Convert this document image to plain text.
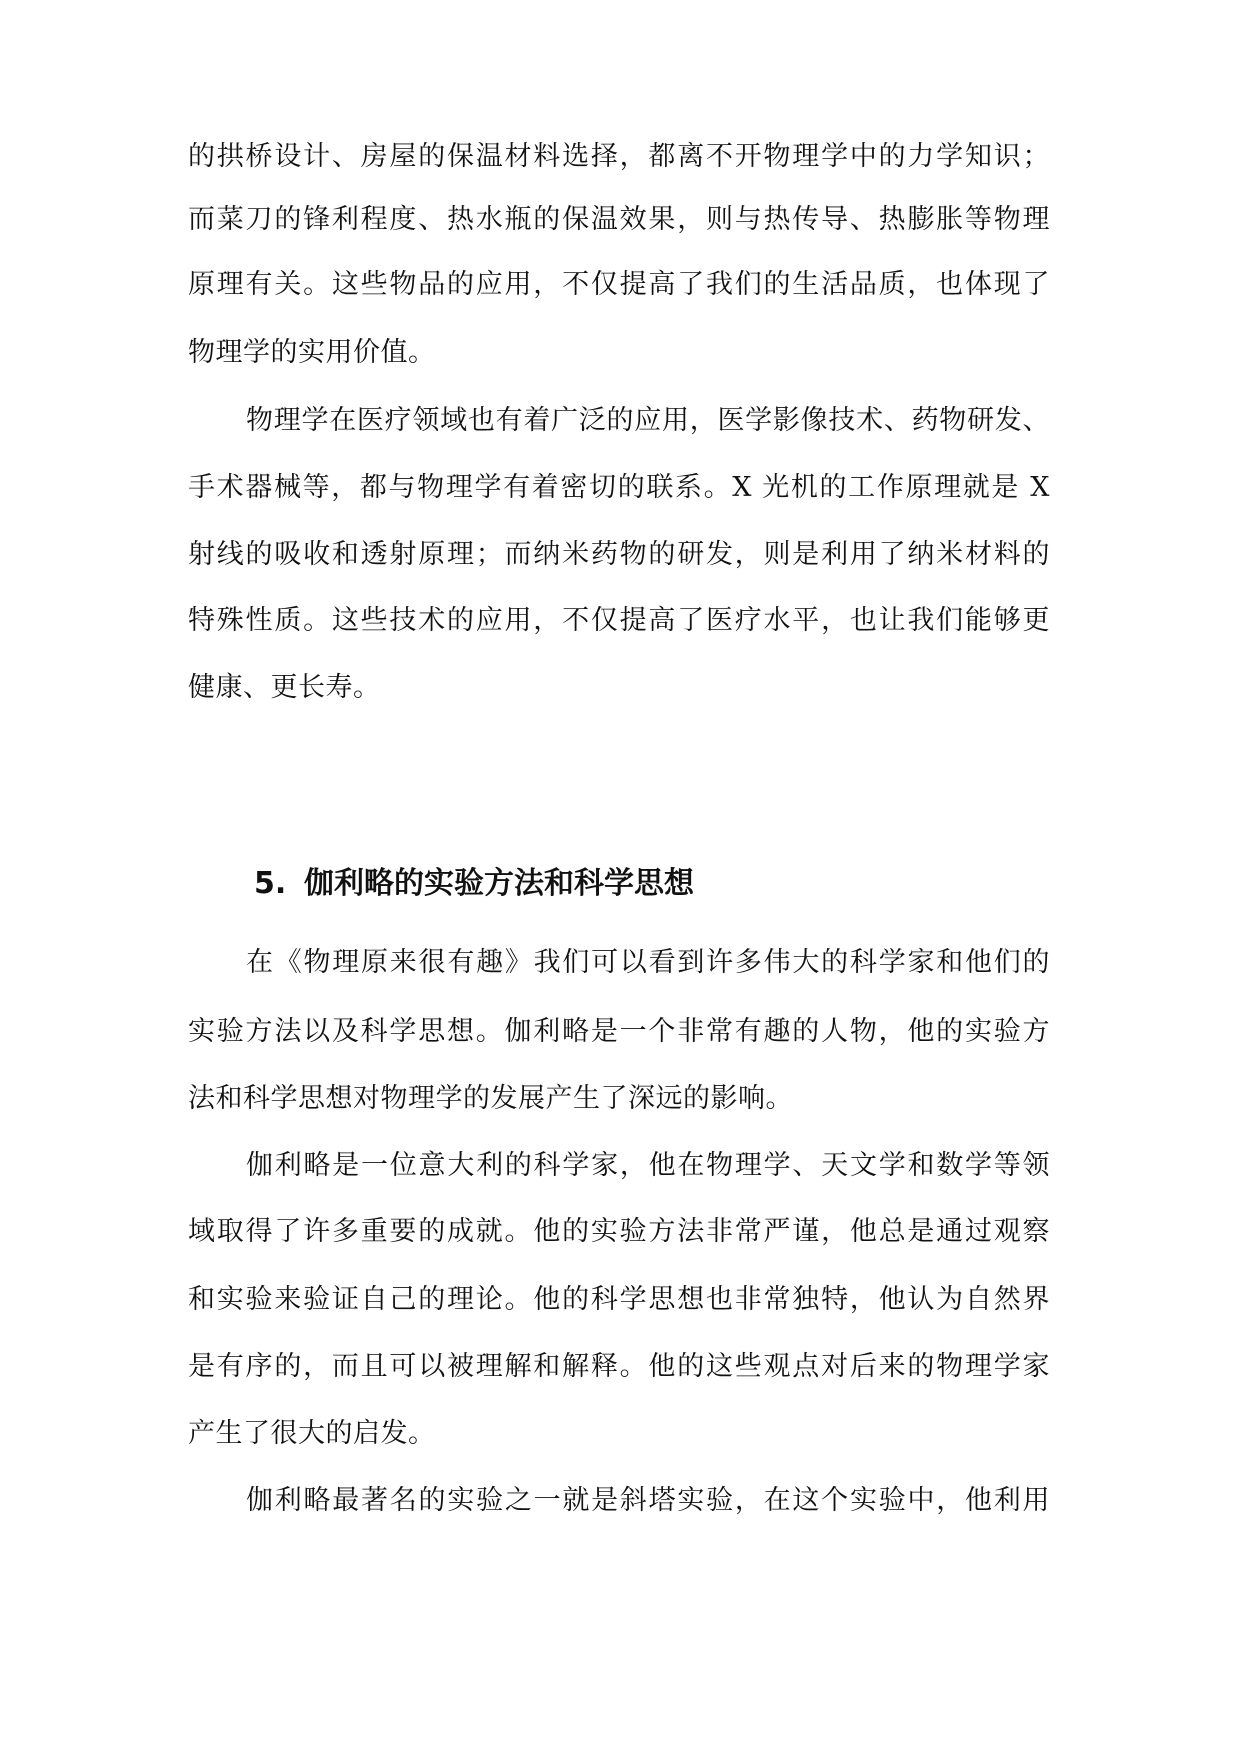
的拱桥设计、房屋的保温材料选择，都离不开物理学中的力学知识；
而菜刀的锋利程度、热水瓶的保温效果，则与热传导、热膨胀等物理
原理有关。这些物品的应用，不仅提高了我们的生活品质，也体现了
物理学的实用价值。
物理学在医疗领域也有着广泛的应用，医学影像技术、药物研发、
手术器械等，都与物理学有着密切的联系。X 光机的工作原理就是 X
射线的吸收和透射原理；而纳米药物的研发，则是利用了纳米材料的
特殊性质。这些技术的应用，不仅提高了医疗水平，也让我们能够更
健康、更长寿。
5. 伽利略的实验方法和科学思想
在《物理原来很有趣》我们可以看到许多伟大的科学家和他们的
实验方法以及科学思想。伽利略是一个非常有趣的人物，他的实验方
法和科学思想对物理学的发展产生了深远的影响。
伽利略是一位意大利的科学家，他在物理学、天文学和数学等领
域取得了许多重要的成就。他的实验方法非常严谨，他总是通过观察
和实验来验证自己的理论。他的科学思想也非常独特，他认为自然界
是有序的，而且可以被理解和解释。他的这些观点对后来的物理学家
产生了很大的启发。
伽利略最著名的实验之一就是斜塔实验，在这个实验中，他利用
